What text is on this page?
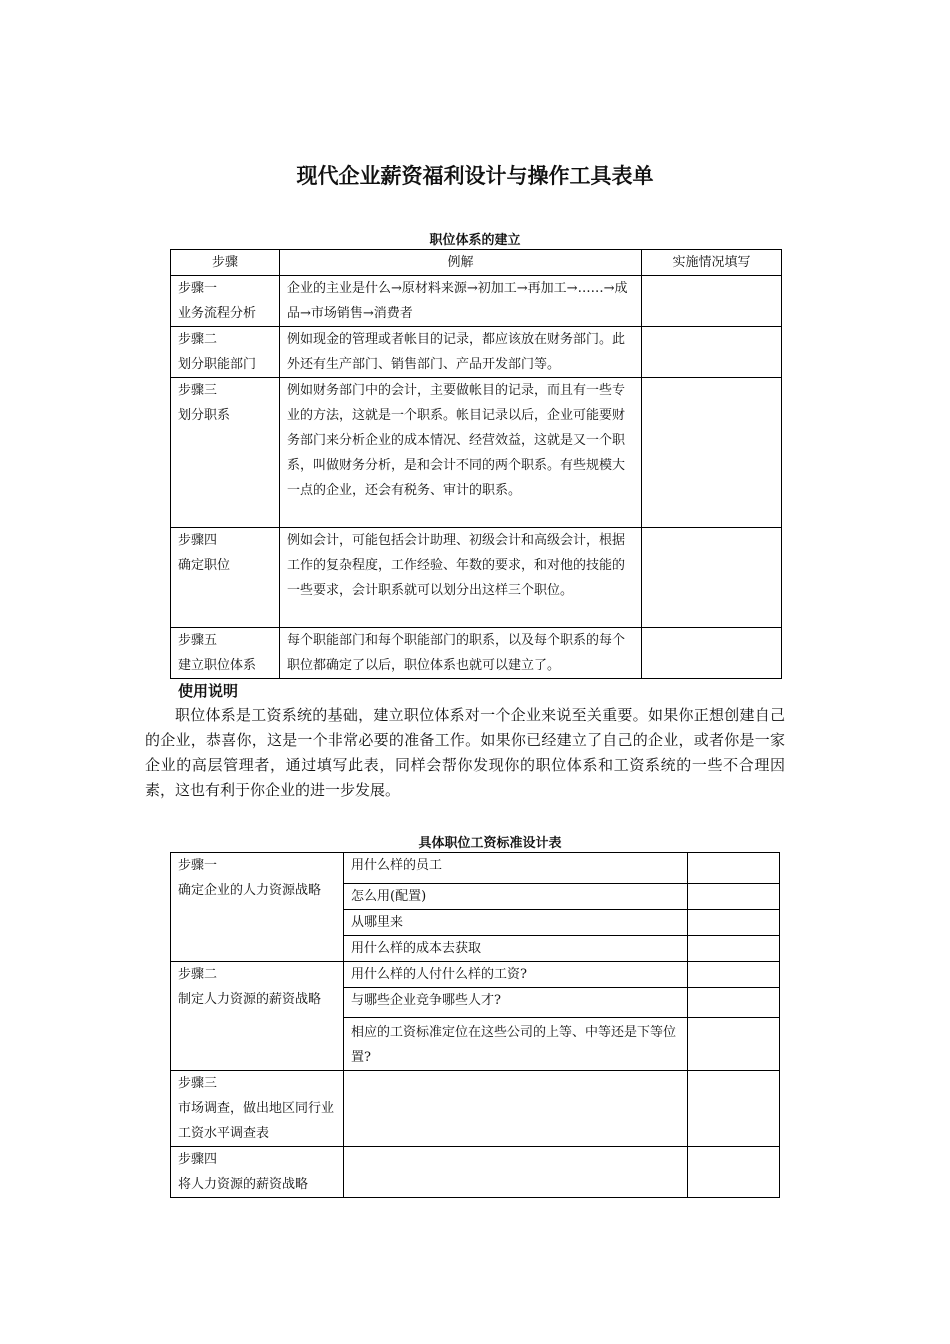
现代企业薪资福利设计与操作工具表单
职位体系的建立
步骤	例解	实施情况填写

步骤一
业务流程分析	企业的主业是什么→原材料来源→初加工→再加工→……→成品→市场销售→消费者	

步骤二
划分职能部门	例如现金的管理或者帐目的记录，都应该放在财务部门。此外还有生产部门、销售部门、产品开发部门等。	

步骤三
划分职系	例如财务部门中的会计，主要做帐目的记录，而且有一些专业的方法，这就是一个职系。帐目记录以后，企业可能要财务部门来分析企业的成本情况、经营效益，这就是又一个职系，叫做财务分析，是和会计不同的两个职系。有些规模大一点的企业，还会有税务、审计的职系。	

步骤四
确定职位	例如会计，可能包括会计助理、初级会计和高级会计，根据工作的复杂程度，工作经验、年数的要求，和对他的技能的一些要求，会计职系就可以划分出这样三个职位。	

步骤五
建立职位体系	每个职能部门和每个职能部门的职系，以及每个职系的每个职位都确定了以后，职位体系也就可以建立了。	
使用说明

职位体系是工资系统的基础，建立职位体系对一个企业来说至关重要。如果你正想创建自己的企业，恭喜你，这是一个非常必要的准备工作。如果你已经建立了自己的企业，或者你是一家企业的高层管理者，通过填写此表，同样会帮你发现你的职位体系和工资系统的一些不合理因素，这也有利于你企业的进一步发展。

具体职位工资标准设计表
步骤一
确定企业的人力资源战略	用什么样的员工	
	怎么用(配置)	
	从哪里来	
	用什么样的成本去获取	

步骤二
制定人力资源的薪资战略	用什么样的人付什么样的工资?	
	与哪些企业竞争哪些人才?	
	相应的工资标准定位在这些公司的上等、中等还是下等位置?	

步骤三
市场调查，做出地区同行业工资水平调查表		

步骤四
将人力资源的薪资战略		
